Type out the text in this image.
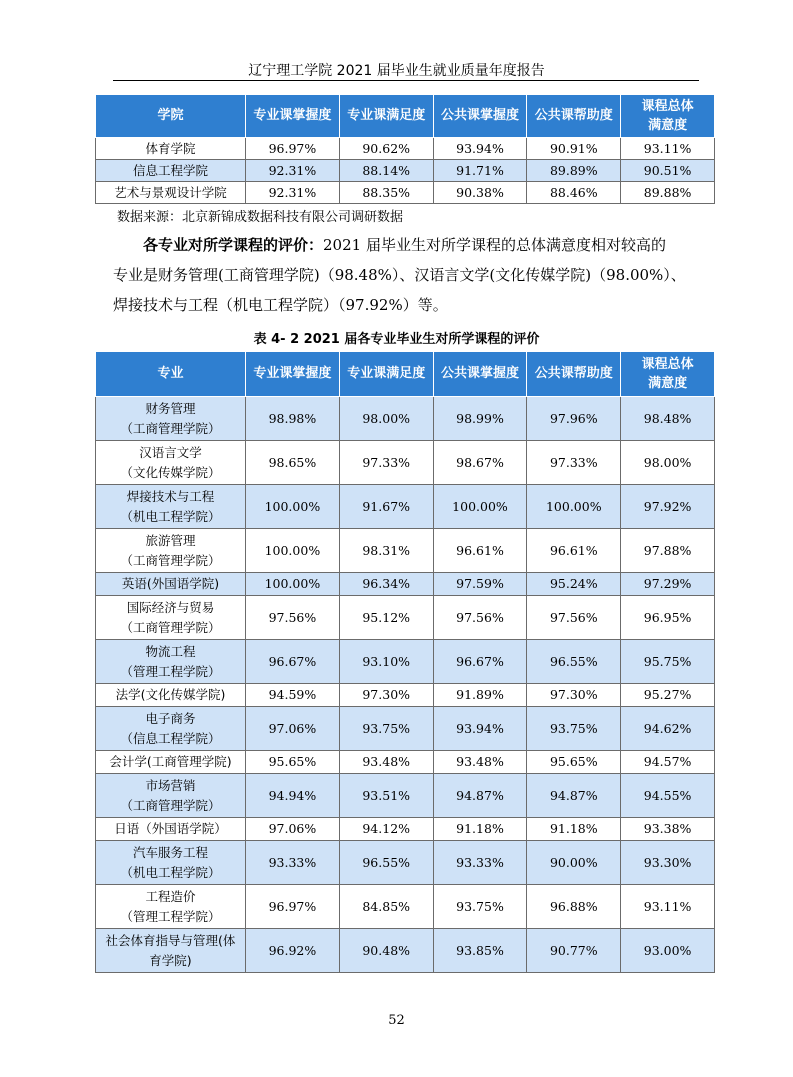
辽宁理工学院 2021 届毕业生就业质量年度报告
学院	专业课掌握度	专业课满足度	公共课掌握度	公共课帮助度	课程总体满意度
体育学院	96.97%	90.62%	93.94%	90.91%	93.11%
信息工程学院	92.31%	88.14%	91.71%	89.89%	90.51%
艺术与景观设计学院	92.31%	88.35%	90.38%	88.46%	89.88%
数据来源：北京新锦成数据科技有限公司调研数据
各专业对所学课程的评价：2021 届毕业生对所学课程的总体满意度相对较高的
专业是财务管理(工商管理学院)（98.48%）、汉语言文学(文化传媒学院)（98.00%）、
焊接技术与工程（机电工程学院）（97.92%）等。
表 4- 2 2021 届各专业毕业生对所学课程的评价
专业	专业课掌握度	专业课满足度	公共课掌握度	公共课帮助度	课程总体满意度

财务管理
（工商管理学院）	98.98%	98.00%	98.99%	97.96%	98.48%

汉语言文学
（文化传媒学院）	98.65%	97.33%	98.67%	97.33%	98.00%

焊接技术与工程
（机电工程学院）	100.00%	91.67%	100.00%	100.00%	97.92%

旅游管理
（工商管理学院）	100.00%	98.31%	96.61%	96.61%	97.88%

英语(外国语学院)	100.00%	96.34%	97.59%	95.24%	97.29%

国际经济与贸易
（工商管理学院）	97.56%	95.12%	97.56%	97.56%	96.95%

物流工程
（管理工程学院）	96.67%	93.10%	96.67%	96.55%	95.75%

法学(文化传媒学院)	94.59%	97.30%	91.89%	97.30%	95.27%

电子商务
（信息工程学院）	97.06%	93.75%	93.94%	93.75%	94.62%

会计学(工商管理学院)	95.65%	93.48%	93.48%	95.65%	94.57%

市场营销
（工商管理学院）	94.94%	93.51%	94.87%	94.87%	94.55%

日语（外国语学院）	97.06%	94.12%	91.18%	91.18%	93.38%

汽车服务工程
（机电工程学院）	93.33%	96.55%	93.33%	90.00%	93.30%

工程造价
（管理工程学院）	96.97%	84.85%	93.75%	96.88%	93.11%

社会体育指导与管理(体
育学院)	96.92%	90.48%	93.85%	90.77%	93.00%
52
